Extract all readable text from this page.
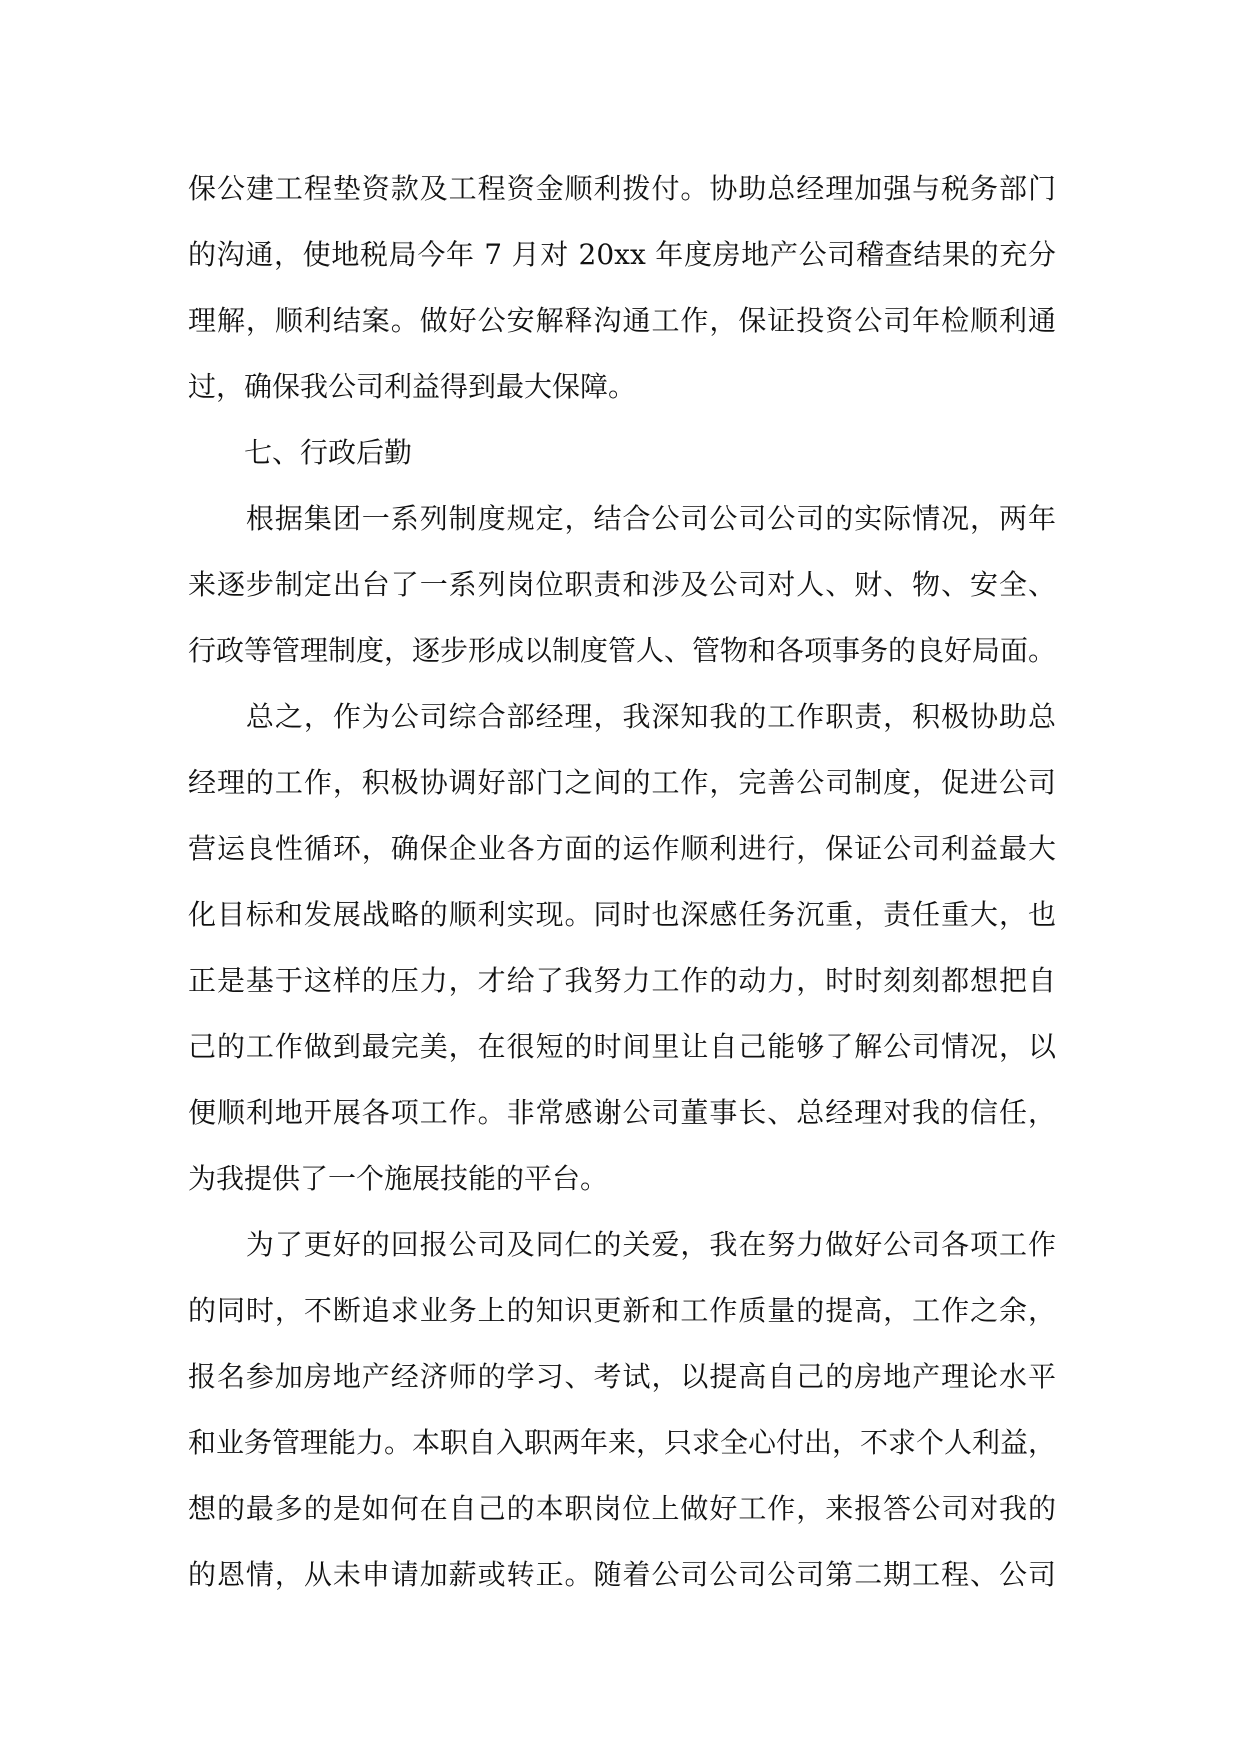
保公建工程垫资款及工程资金顺利拨付。协助总经理加强与税务部门
的沟通，使地税局今年 7 月对 20xx 年度房地产公司稽查结果的充分
理解，顺利结案。做好公安解释沟通工作，保证投资公司年检顺利通
过，确保我公司利益得到最大保障。
　　七、行政后勤
　　根据集团一系列制度规定，结合公司公司公司的实际情况，两年
来逐步制定出台了一系列岗位职责和涉及公司对人、财、物、安全、
行政等管理制度，逐步形成以制度管人、管物和各项事务的良好局面。
　　总之，作为公司综合部经理，我深知我的工作职责，积极协助总
经理的工作，积极协调好部门之间的工作，完善公司制度，促进公司
营运良性循环，确保企业各方面的运作顺利进行，保证公司利益最大
化目标和发展战略的顺利实现。同时也深感任务沉重，责任重大，也
正是基于这样的压力，才给了我努力工作的动力，时时刻刻都想把自
己的工作做到最完美，在很短的时间里让自己能够了解公司情况，以
便顺利地开展各项工作。非常感谢公司董事长、总经理对我的信任，
为我提供了一个施展技能的平台。
　　为了更好的回报公司及同仁的关爱，我在努力做好公司各项工作
的同时，不断追求业务上的知识更新和工作质量的提高，工作之余，
报名参加房地产经济师的学习、考试，以提高自己的房地产理论水平
和业务管理能力。本职自入职两年来，只求全心付出，不求个人利益，
想的最多的是如何在自己的本职岗位上做好工作，来报答公司对我的
的恩情，从未申请加薪或转正。随着公司公司公司第二期工程、公司
